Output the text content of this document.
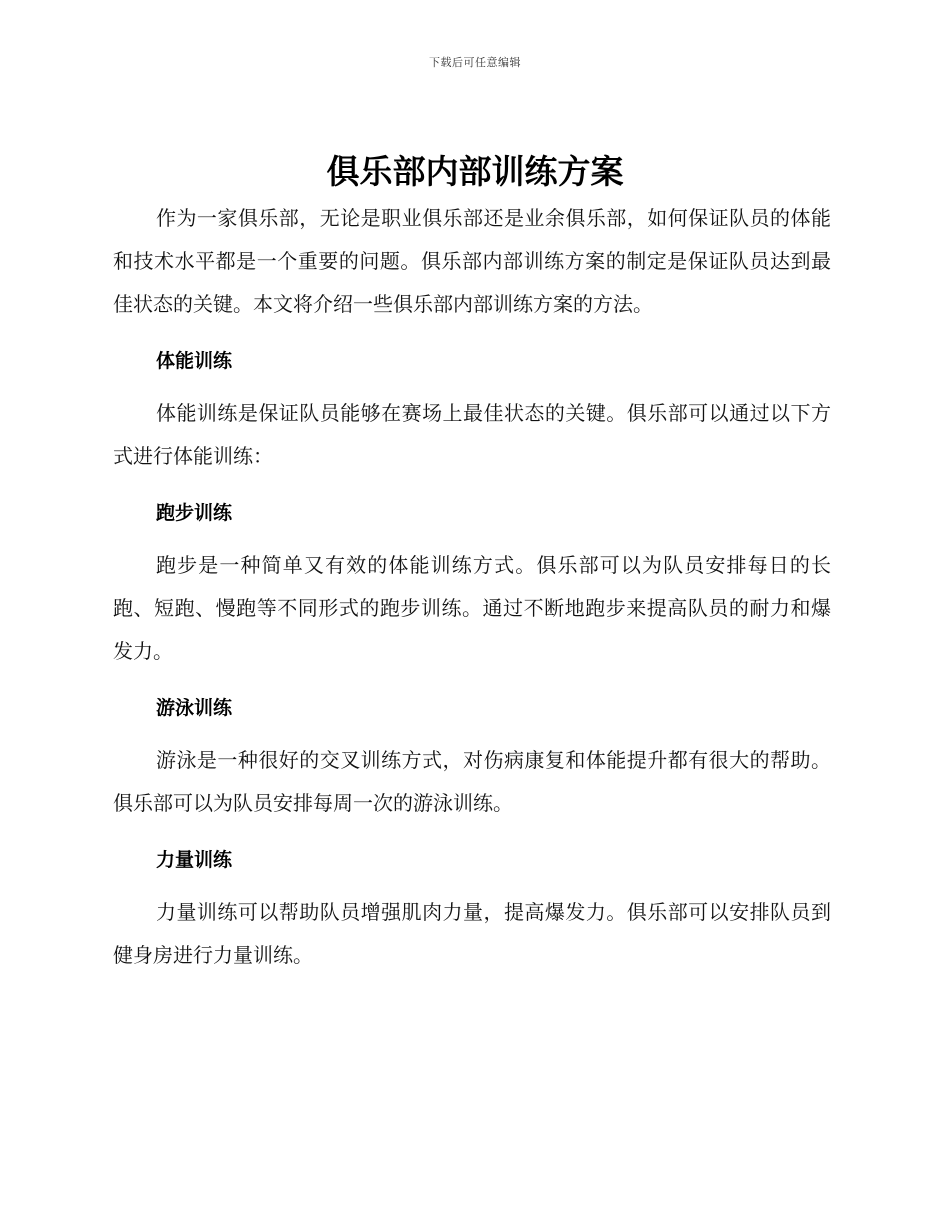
下载后可任意编辑
俱乐部内部训练方案

作为一家俱乐部，无论是职业俱乐部还是业余俱乐部，如何保证队员的体能和技术水平都是一个重要的问题。俱乐部内部训练方案的制定是保证队员达到最佳状态的关键。本文将介绍一些俱乐部内部训练方案的方法。

体能训练

体能训练是保证队员能够在赛场上最佳状态的关键。俱乐部可以通过以下方式进行体能训练：

跑步训练

跑步是一种简单又有效的体能训练方式。俱乐部可以为队员安排每日的长跑、短跑、慢跑等不同形式的跑步训练。通过不断地跑步来提高队员的耐力和爆发力。

游泳训练

游泳是一种很好的交叉训练方式，对伤病康复和体能提升都有很大的帮助。俱乐部可以为队员安排每周一次的游泳训练。

力量训练

力量训练可以帮助队员增强肌肉力量，提高爆发力。俱乐部可以安排队员到健身房进行力量训练。
